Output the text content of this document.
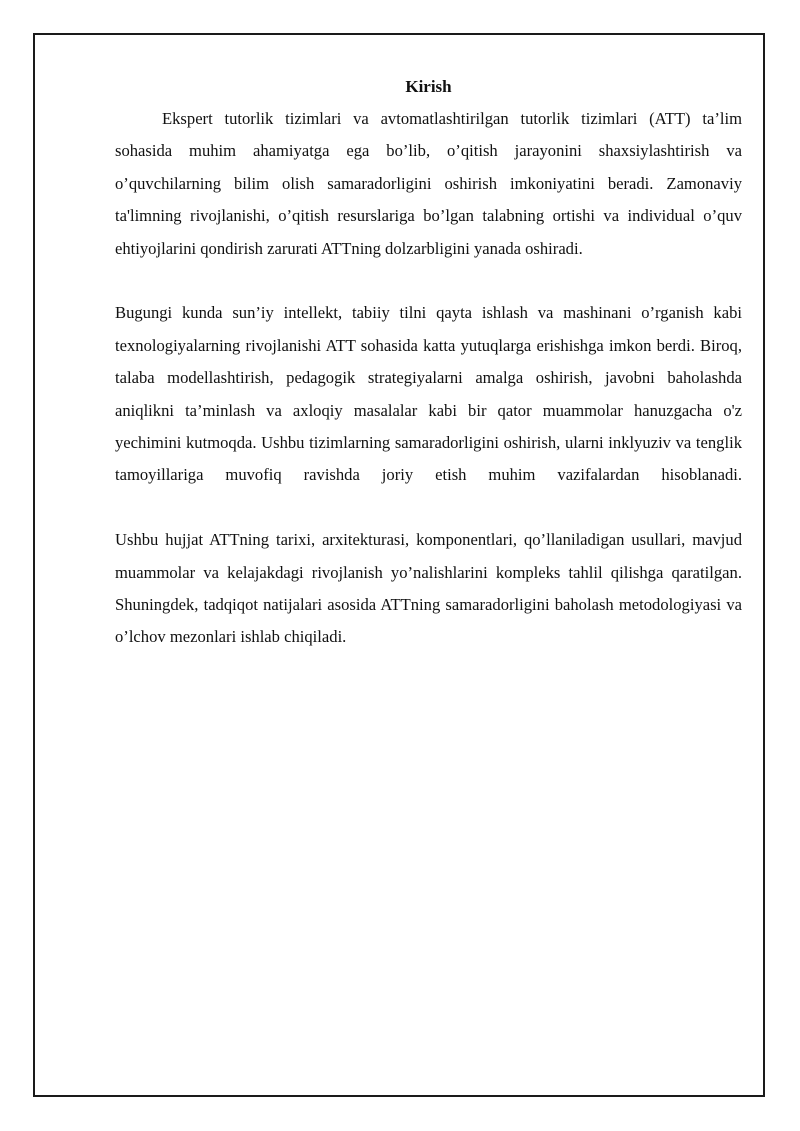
Kirish

Ekspert tutorlik tizimlari va avtomatlashtirilgan tutorlik tizimlari (ATT) ta’lim sohasida muhim ahamiyatga ega bo’lib, o’qitish jarayonini shaxsiylashtirish va o’quvchilarning bilim olish samaradorligini oshirish imkoniyatini beradi. Zamonaviy ta'limning rivojlanishi, o’qitish resurslariga bo’lgan talabning ortishi va individual o’quv ehtiyojlarini qondirish zarurati ATTning dolzarbligini yanada oshiradi.

Bugungi kunda sun’iy intellekt, tabiiy tilni qayta ishlash va mashinani o’rganish kabi texnologiyalarning rivojlanishi ATT sohasida katta yutuqlarga erishishga imkon berdi. Biroq, talaba modellashtirish, pedagogik strategiyalarni amalga oshirish, javobni baholashda aniqlikni ta’minlash va axloqiy masalalar kabi bir qator muammolar hanuzgacha o'z yechimini kutmoqda. Ushbu tizimlarning samaradorligini oshirish, ularni inklyuziv va tenglik tamoyillariga muvofiq ravishda joriy etish muhim vazifalardan hisoblanadi.

Ushbu hujjat ATTning tarixi, arxitekturasi, komponentlari, qo’llaniladigan usullari, mavjud muammolar va kelajakdagi rivojlanish yo’nalishlarini kompleks tahlil qilishga qaratilgan. Shuningdek, tadqiqot natijalari asosida ATTning samaradorligini baholash metodologiyasi va o’lchov mezonlari ishlab chiqiladi.
